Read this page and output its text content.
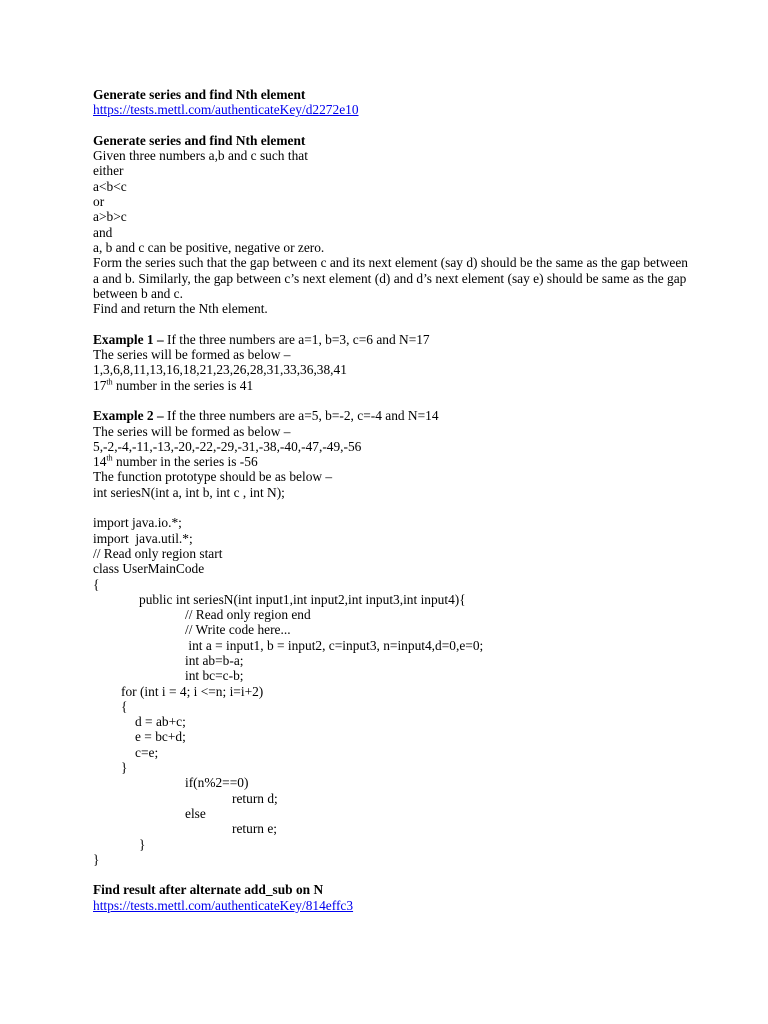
Generate series and find Nth element
https://tests.mettl.com/authenticateKey/d2272e10
Generate series and find Nth element
Given three numbers a,b and c such that
either
a<b<c
or
a>b>c
and
a, b and c can be positive, negative or zero.
Form the series such that the gap between c and its next element (say d) should be the same as the gap between a and b. Similarly, the gap between c’s next element (d) and d’s next element (say e) should be same as the gap between b and c.
Find and return the Nth element.
Example 1 – If the three numbers are a=1, b=3, c=6 and N=17
The series will be formed as below –
1,3,6,8,11,13,16,18,21,23,26,28,31,33,36,38,41
17th number in the series is 41
Example 2 – If the three numbers are a=5, b=-2, c=-4 and N=14
The series will be formed as below –
5,-2,-4,-11,-13,-20,-22,-29,-31,-38,-40,-47,-49,-56
14th number in the series is -56
The function prototype should be as below –
int seriesN(int a, int b, int c , int N);
import java.io.*;
import  java.util.*;
// Read only region start
class UserMainCode
{
public int seriesN(int input1,int input2,int input3,int input4){
// Read only region end
// Write code here...
int a = input1, b = input2, c=input3, n=input4,d=0,e=0;
int ab=b-a;
int bc=c-b;
for (int i = 4; i <=n; i=i+2)
{
d = ab+c;
e = bc+d;
c=e;
}
if(n%2==0)
return d;
else
return e;
}
}
Find result after alternate add_sub on N
https://tests.mettl.com/authenticateKey/814effc3
